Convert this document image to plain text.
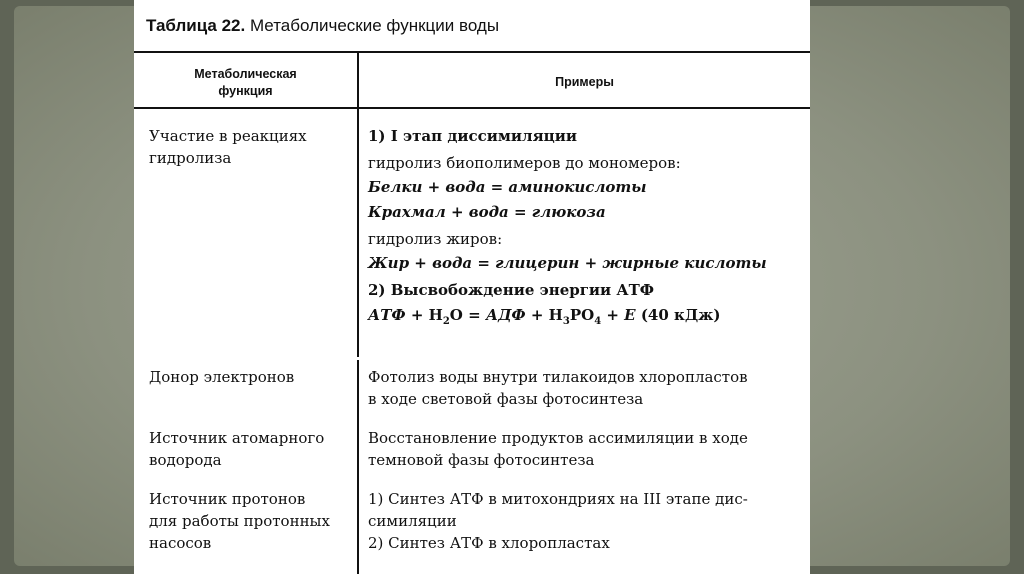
Таблица 22. Метаболические функции воды
Метаболическая
функция
Примеры
Участие в реакциях
гидролиза
1) I этап диссимиляции
гидролиз биополимеров до мономеров:
Белки + вода = аминокислоты
Крахмал + вода = глюкоза
гидролиз жиров:
Жир + вода = глицерин + жирные кислоты
2) Высвобождение энергии АТФ
АТФ + $H_2O$ = АДФ + $H_3PO_4 + E$ (40 кДж)
Донор электронов	Фотолиз воды внутри тилакоидов хлоропластов
в ходе световой фазы фотосинтеза
Источник атомарного
водорода
Восстановление продуктов ассимиляции в ходе
темновой фазы фотосинтеза
Источник протонов
для работы протонных
насосов
1) Синтез АТФ в митохондриях на III этапе дис-
симиляции
2) Синтез АТФ в хлоропластах
